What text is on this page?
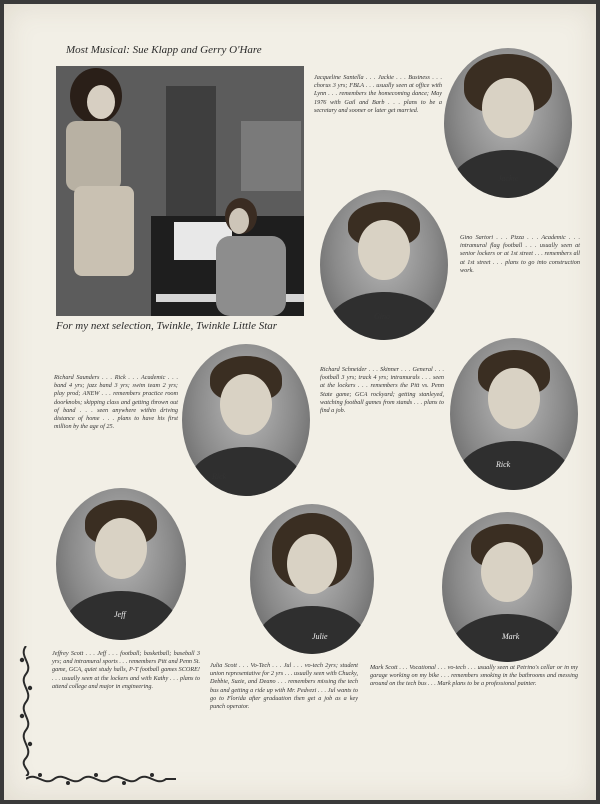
Most Musical: Sue Klapp and Gerry O'Hare
For my next selection, Twinkle, Twinkle Little Star
Jacqueline Santella . . . Jackie . . . Business . . . chorus 3 yrs; FBLA . . . usually seen at office with Lynn . . . remembers the homecoming dance; May 1976 with Gail and Barb . . . plans to be a secretary and sooner or later get married.
Jackie
Gino
Gino Sartori . . . Pizza . . . Academic . . . intramural flag football . . . usually seen at senior lockers or at 1st street . . . remembers all at 1st street . . . plans to go into construction work.
Richard Saunders . . . Rick . . . Academic . . . band 4 yrs; jazz band 3 yrs; swim team 2 yrs; play prod; ANEW . . . remembers practice room doorknobs; skipping class and getting thrown out of band . . . seen anywhere within driving distance of home . . . plans to have his first million by the age of 25.
Rick
Richard Schneider . . . Skinner . . . General . . . football 3 yrs; track 4 yrs; intramurals . . . seen at the lockers . . . remembers the Pitt vs. Penn State game; GCA rockyard; getting stanleyed, watching football games from stands . . . plans to find a job.
Rick
Jeff
Julie	Mark
Jeffrey Scott . . . Jeff . . . football; basketball; baseball 3 yrs; and intramural sports . . . remembers Pitt and Penn St. game, GCA, quiet study halls, P-T football games SCORE! . . . usually seen at the lockers and with Kathy . . . plans to attend college and major in engineering.
Julia Scott . . . Vo-Tech . . . Jul . . . vo-tech 2yrs; student union representative for 2 yrs . . . usually seen with Chucky, Debbie, Suzie, and Deano . . . remembers missing the tech bus and getting a ride up with Mr. Pedvezi . . . Jul wants to go to Florida after graduation then get a job as a key punch operator.
Mark Scott . . . Vocational . . . vo-tech . . . usually seen at Petrino's cellar or in my garage working on my bike . . . remembers smoking in the bathrooms and messing around on the tech bus . . . Mark plans to be a professional painter.
